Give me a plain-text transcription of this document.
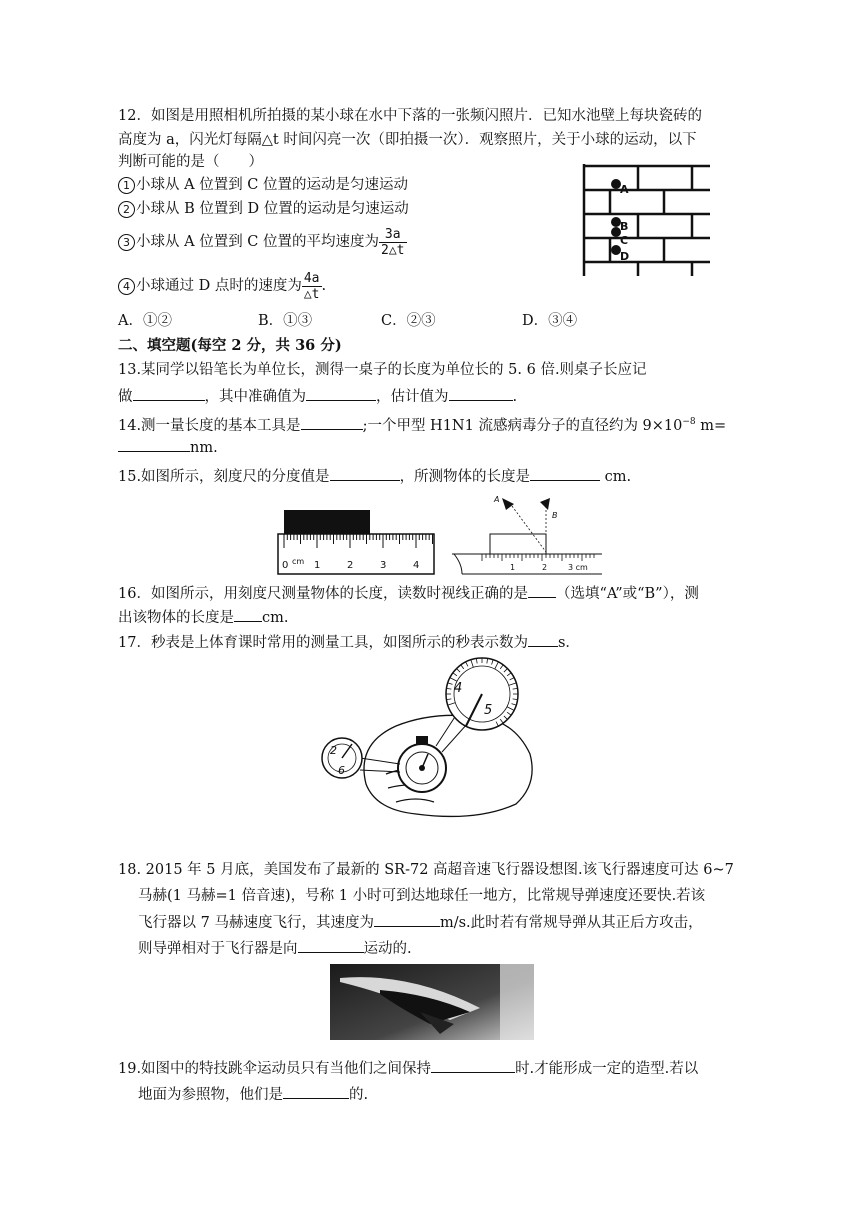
12．如图是用照相机所拍摄的某小球在水中下落的一张频闪照片．已知水池壁上每块瓷砖的
高度为 a，闪光灯每隔△t 时间闪亮一次（即拍摄一次）．观察照片，关于小球的运动，以下
判断可能的是（　　）
1 小球从 A 位置到 C 位置的运动是匀速运动
2 小球从 B 位置到 D 位置的运动是匀速运动
3 小球从 A 位置到 C 位置的平均速度为 $\frac{3a}{2\triangle t}$
4 小球通过 D 点时的速度为 $\frac{4a}{\triangle t}$ .
A．①②	B．①③	C．②③	D．③④
A
B
C
D
二、填空题(每空 2 分，共 36 分)
13.某同学以铅笔长为单位长，测得一桌子的长度为单位长的 5. 6 倍.则桌子长应记
做	，其中准确值为	，估计值为	.
14.测一量长度的基本工具是	;一个甲型 H1N1 流感病毒分子的直径约为 $9\times 10^{-8}$ m=
nm.
15.如图所示，刻度尺的分度值是	，所测物体的长度是	cm.
0 cm 1	2	3	4	1	2	3 cm
A
B
16．如图所示，用刻度尺测量物体的长度，读数时视线正确的是 （选填“A”或“B”），测
出该物体的长度是 cm.
17．秒表是上体育课时常用的测量工具，如图所示的秒表示数为 s．
4
5
2
6
18. 2015 年 5 月底，美国发布了最新的 SR-72 高超音速飞行器设想图.该飞行器速度可达 6~7
马赫(1 马赫=1 倍音速)，号称 1 小时可到达地球任一地方，比常规导弹速度还要快.若该
飞行器以 7 马赫速度飞行，其速度为	m/s.此时若有常规导弹从其正后方攻击，
则导弹相对于飞行器是向	运动的.
19.如图中的特技跳伞运动员只有当他们之间保持	时.才能形成一定的造型.若以
地面为参照物，他们是	的.
